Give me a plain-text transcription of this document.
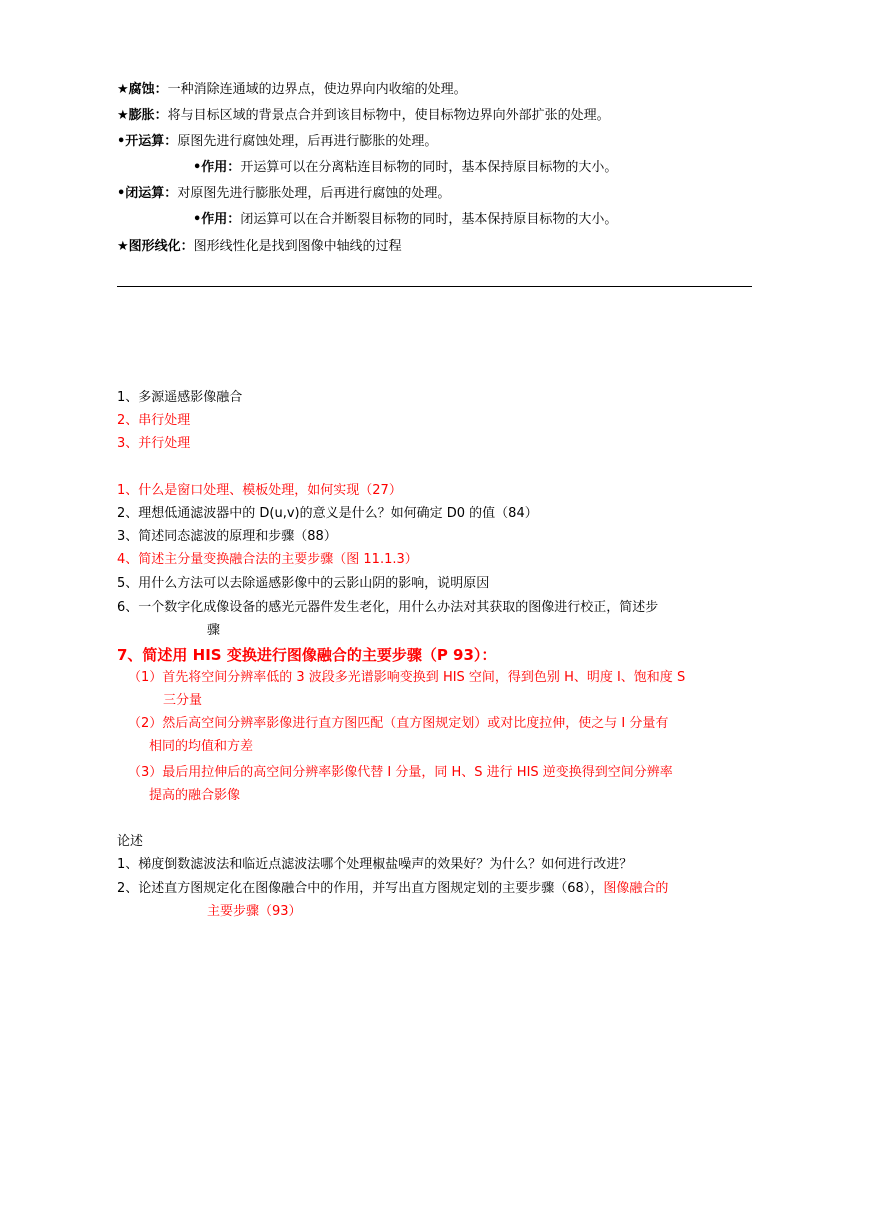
★腐蚀：一种消除连通域的边界点，使边界向内收缩的处理。
★膨胀：将与目标区域的背景点合并到该目标物中，使目标物边界向外部扩张的处理。
•开运算：原图先进行腐蚀处理，后再进行膨胀的处理。
•作用：开运算可以在分离粘连目标物的同时，基本保持原目标物的大小。
•闭运算：对原图先进行膨胀处理，后再进行腐蚀的处理。
•作用：闭运算可以在合并断裂目标物的同时，基本保持原目标物的大小。
★图形线化：图形线性化是找到图像中轴线的过程
1、多源遥感影像融合
2、串行处理
3、并行处理
1、什么是窗口处理、模板处理，如何实现（27）
2、理想低通滤波器中的 D(u,v)的意义是什么？如何确定 D0 的值（84）
3、简述同态滤波的原理和步骤（88）
4、简述主分量变换融合法的主要步骤（图 11.1.3）
5、用什么方法可以去除遥感影像中的云影山阴的影响，说明原因
6、一个数字化成像设备的感光元器件发生老化，用什么办法对其获取的图像进行校正，简述步
骤
7、简述用 HIS 变换进行图像融合的主要步骤（P 93）：
（1）首先将空间分辨率低的 3 波段多光谱影响变换到 HIS 空间，得到色别 H、明度 I、饱和度 S
三分量
（2）然后高空间分辨率影像进行直方图匹配（直方图规定划）或对比度拉伸，使之与 I 分量有
相同的均值和方差
（3）最后用拉伸后的高空间分辨率影像代替 I 分量，同 H、S 进行 HIS 逆变换得到空间分辨率
提高的融合影像
论述
1、梯度倒数滤波法和临近点滤波法哪个处理椒盐噪声的效果好？为什么？如何进行改进？
2、论述直方图规定化在图像融合中的作用，并写出直方图规定划的主要步骤（68），图像融合的
主要步骤（93）
